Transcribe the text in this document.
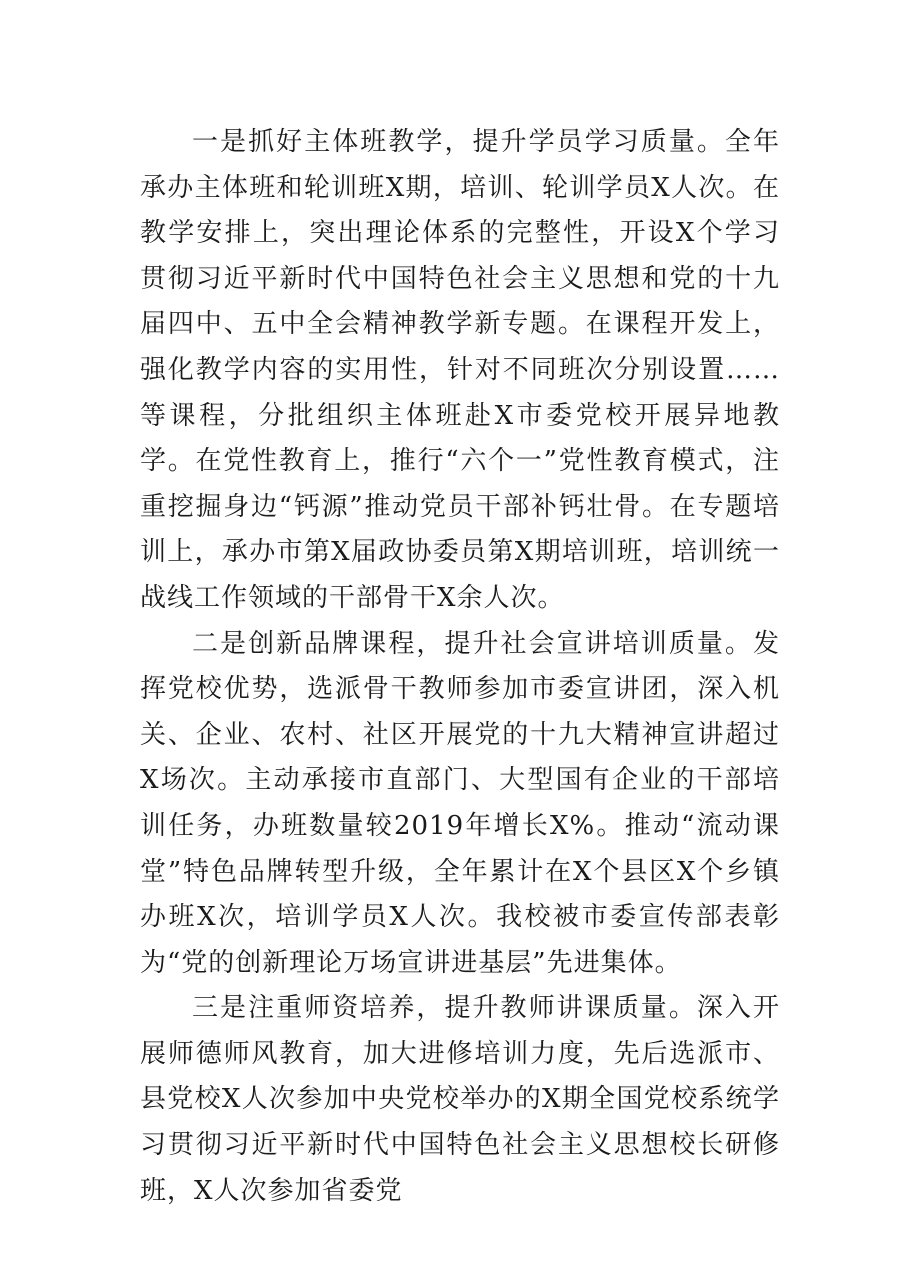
一是抓好主体班教学，提升学员学习质量。全年承办主体班和轮训班X期，培训、轮训学员X人次。在教学安排上，突出理论体系的完整性，开设X个学习贯彻习近平新时代中国特色社会主义思想和党的十九届四中、五中全会精神教学新专题。在课程开发上，强化教学内容的实用性，针对不同班次分别设置……等课程，分批组织主体班赴X市委党校开展异地教学。在党性教育上，推行“六个一”党性教育模式，注重挖掘身边“钙源”推动党员干部补钙壮骨。在专题培训上，承办市第X届政协委员第X期培训班，培训统一战线工作领域的干部骨干X余人次。

二是创新品牌课程，提升社会宣讲培训质量。发挥党校优势，选派骨干教师参加市委宣讲团，深入机关、企业、农村、社区开展党的十九大精神宣讲超过X场次。主动承接市直部门、大型国有企业的干部培训任务，办班数量较2019年增长X%。推动“流动课堂”特色品牌转型升级，全年累计在X个县区X个乡镇办班X次，培训学员X人次。我校被市委宣传部表彰为“党的创新理论万场宣讲进基层”先进集体。

三是注重师资培养，提升教师讲课质量。深入开展师德师风教育，加大进修培训力度，先后选派市、县党校X人次参加中央党校举办的X期全国党校系统学习贯彻习近平新时代中国特色社会主义思想校长研修班，X人次参加省委党
